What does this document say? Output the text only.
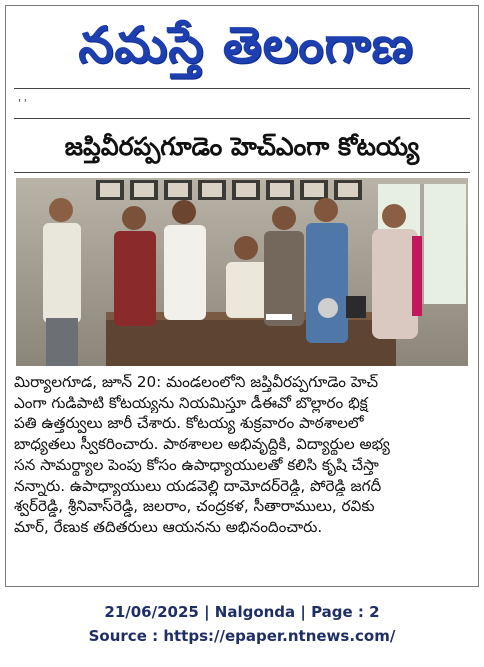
నమస్తే తెలంగాణ
' '
జప్తివీరప్పగూడెం హెచ్‌ఎంగా కోటయ్య

మిర్యాలగూడ, జూన్ 20: మండలంలోని జప్తివీరప్పగూడెం హెచ్
ఎంగా గుడిపాటి కోటయ్యను నియమిస్తూ డీఈవో బొల్లారం భిక్ష
పతి ఉత్తర్వులు జారీ చేశారు. కోటయ్య శుక్రవారం పాఠశాలలో
బాధ్యతలు స్వీకరించారు. పాఠశాలల అభివృద్ధికి, విద్యార్థుల అభ్య
సన సామర్థ్యాల పెంపు కోసం ఉపాధ్యాయులతో కలిసి కృషి చేస్తా
నన్నారు. ఉపాధ్యాయులు యడవెల్లి దామోదర్‌రెడ్డి, పోరెడ్డి జగదీ
శ్వర్‌రెడ్డి, శ్రీనివాస్‌రెడ్డి, జలరాం, చంద్రకళ, సీతారాములు, రవికు
మార్, రేణుక తదితరులు ఆయనను అభినందించారు.

21/06/2025 | Nalgonda | Page : 2
Source : https://epaper.ntnews.com/
